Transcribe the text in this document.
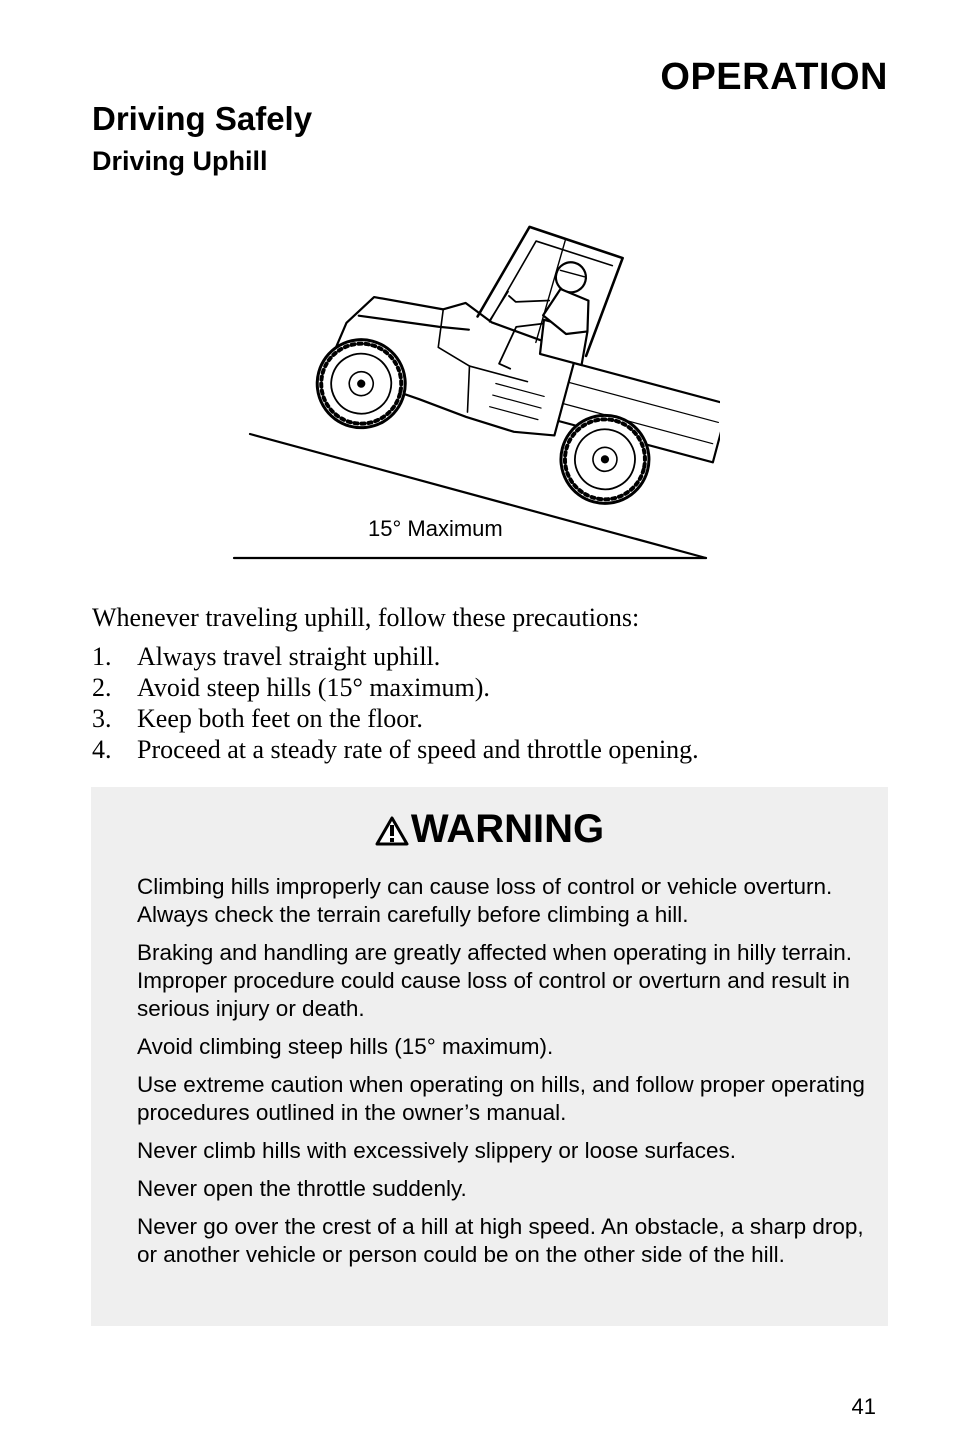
OPERATION
Driving Safely
Driving Uphill
15° Maximum
Whenever traveling uphill, follow these precautions:
1. Always travel straight uphill.
2. Avoid steep hills (15° maximum).
3. Keep both feet on the floor.
4. Proceed at a steady rate of speed and throttle opening.
WARNING

Climbing hills improperly can cause loss of control or vehicle overturn. Always check the terrain carefully before climbing a hill.

Braking and handling are greatly affected when operating in hilly terrain. Improper procedure could cause loss of control or overturn and result in serious injury or death.

Avoid climbing steep hills (15° maximum).

Use extreme caution when operating on hills, and follow proper operating procedures outlined in the owner’s manual.

Never climb hills with excessively slippery or loose surfaces.

Never open the throttle suddenly.

Never go over the crest of a hill at high speed. An obstacle, a sharp drop, or another vehicle or person could be on the other side of the hill.

41
